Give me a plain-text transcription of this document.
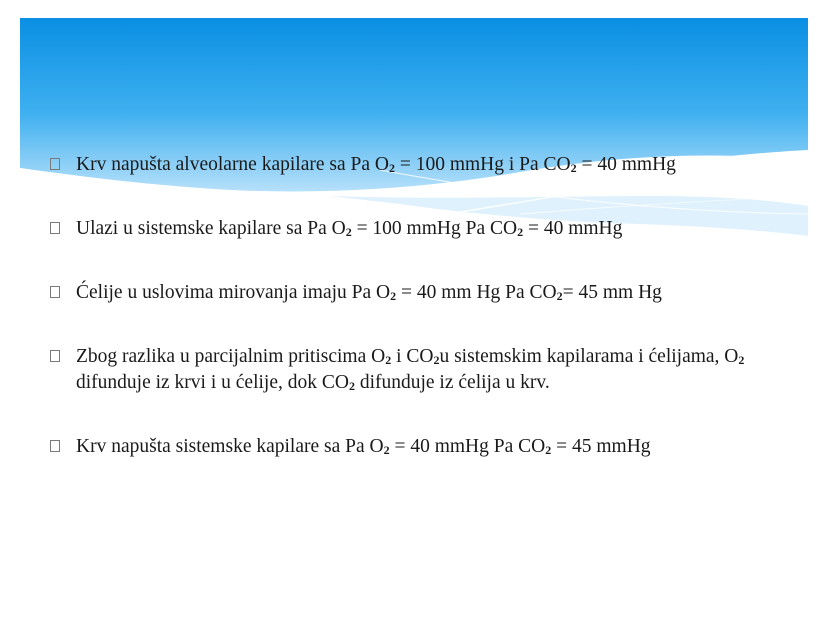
Krv napušta alveolarne kapilare sa Pa $O_2 = 100$ mmHg i Pa $CO_2 = 40$ mmHg
Ulazi u sistemske kapilare sa Pa $O_2 = 100$ mmHg Pa $CO_2 = 40$ mmHg
Ćelije u uslovima mirovanja imaju Pa $O_2 = 40$ mm Hg Pa $CO_2= 45$ mm Hg
Zbog razlika u parcijalnim pritiscima $O_2$ i $CO_2u$ sistemskim kapilarama i ćelijama, $O_2$ difunduje iz krvi i u ćelije, dok $CO_2$ difunduje iz ćelija u krv.
Krv napušta sistemske kapilare sa Pa $O_2 = 40$ mmHg Pa $CO_2 = 45$ mmHg
